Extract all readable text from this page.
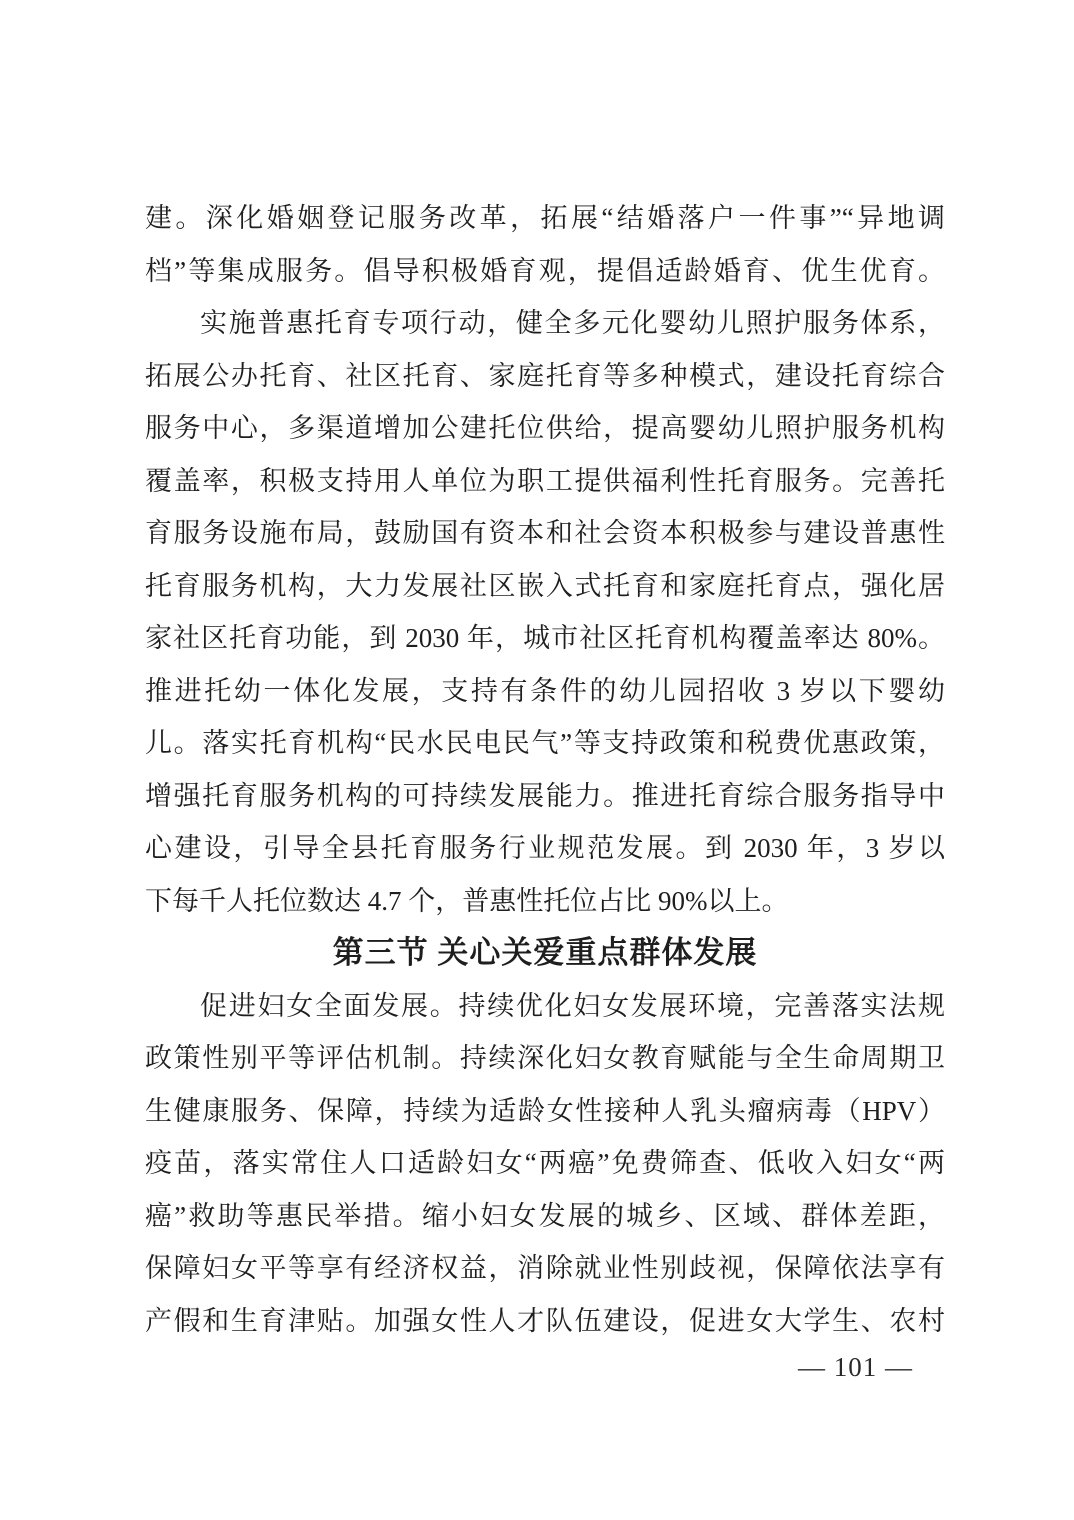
建。深化婚姻登记服务改革，拓展“结婚落户一件事”“异地调
档”等集成服务。倡导积极婚育观，提倡适龄婚育、优生优育。
实施普惠托育专项行动，健全多元化婴幼儿照护服务体系，
拓展公办托育、社区托育、家庭托育等多种模式，建设托育综合
服务中心，多渠道增加公建托位供给，提高婴幼儿照护服务机构
覆盖率，积极支持用人单位为职工提供福利性托育服务。完善托
育服务设施布局，鼓励国有资本和社会资本积极参与建设普惠性
托育服务机构，大力发展社区嵌入式托育和家庭托育点，强化居
家社区托育功能，到 2030 年，城市社区托育机构覆盖率达 80%。
推进托幼一体化发展，支持有条件的幼儿园招收 3 岁以下婴幼
儿。落实托育机构“民水民电民气”等支持政策和税费优惠政策，
增强托育服务机构的可持续发展能力。推进托育综合服务指导中
心建设，引导全县托育服务行业规范发展。到 2030 年，3 岁以
下每千人托位数达 4.7 个，普惠性托位占比 90%以上。
第三节 关心关爱重点群体发展
促进妇女全面发展。持续优化妇女发展环境，完善落实法规
政策性别平等评估机制。持续深化妇女教育赋能与全生命周期卫
生健康服务、保障，持续为适龄女性接种人乳头瘤病毒（HPV）
疫苗，落实常住人口适龄妇女“两癌”免费筛查、低收入妇女“两
癌”救助等惠民举措。缩小妇女发展的城乡、区域、群体差距，
保障妇女平等享有经济权益，消除就业性别歧视，保障依法享有
产假和生育津贴。加强女性人才队伍建设，促进女大学生、农村
— 101 —
